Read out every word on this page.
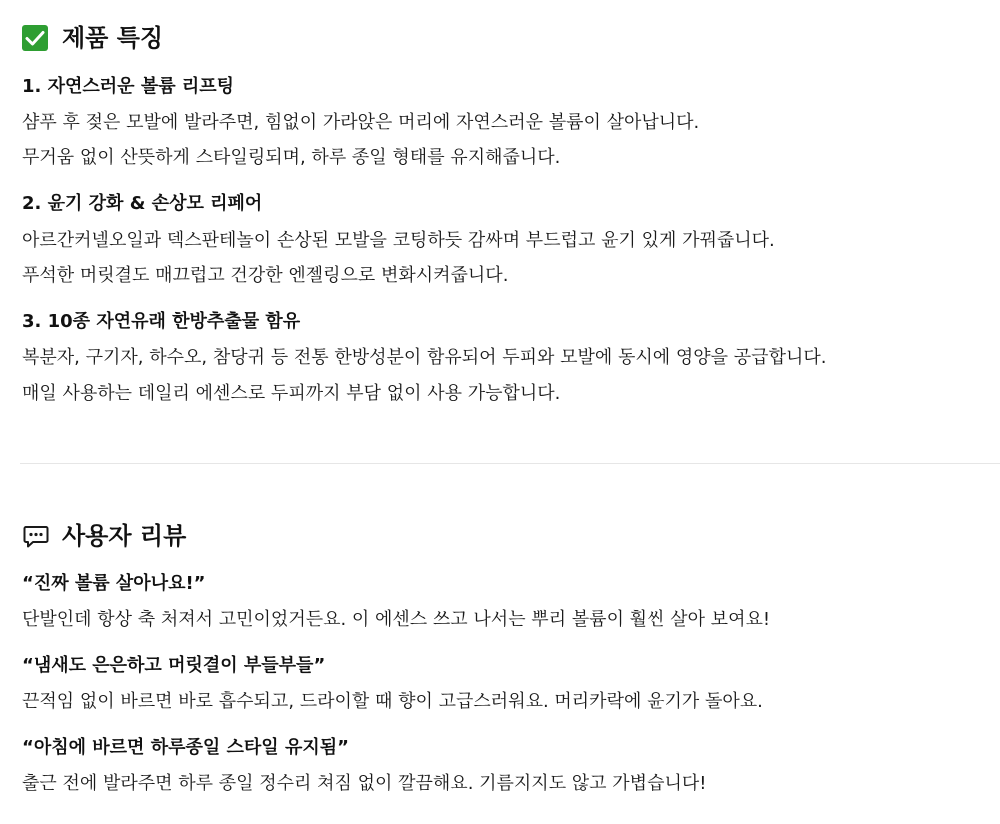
제품 특징
1. 자연스러운 볼륨 리프팅
샴푸 후 젖은 모발에 발라주면, 힘없이 가라앉은 머리에 자연스러운 볼륨이 살아납니다.
무거움 없이 산뜻하게 스타일링되며, 하루 종일 형태를 유지해줍니다.
2. 윤기 강화 & 손상모 리페어
아르간커넬오일과 덱스판테놀이 손상된 모발을 코팅하듯 감싸며 부드럽고 윤기 있게 가꿔줍니다.
푸석한 머릿결도 매끄럽고 건강한 엔젤링으로 변화시켜줍니다.
3. 10종 자연유래 한방추출물 함유
복분자, 구기자, 하수오, 참당귀 등 전통 한방성분이 함유되어 두피와 모발에 동시에 영양을 공급합니다.
매일 사용하는 데일리 에센스로 두피까지 부담 없이 사용 가능합니다.
사용자 리뷰
“진짜 볼륨 살아나요!”
단발인데 항상 축 처져서 고민이었거든요. 이 에센스 쓰고 나서는 뿌리 볼륨이 훨씬 살아 보여요!
“냄새도 은은하고 머릿결이 부들부들”
끈적임 없이 바르면 바로 흡수되고, 드라이할 때 향이 고급스러워요. 머리카락에 윤기가 돌아요.
“아침에 바르면 하루종일 스타일 유지됨”
출근 전에 발라주면 하루 종일 정수리 쳐짐 없이 깔끔해요. 기름지지도 않고 가볍습니다!
